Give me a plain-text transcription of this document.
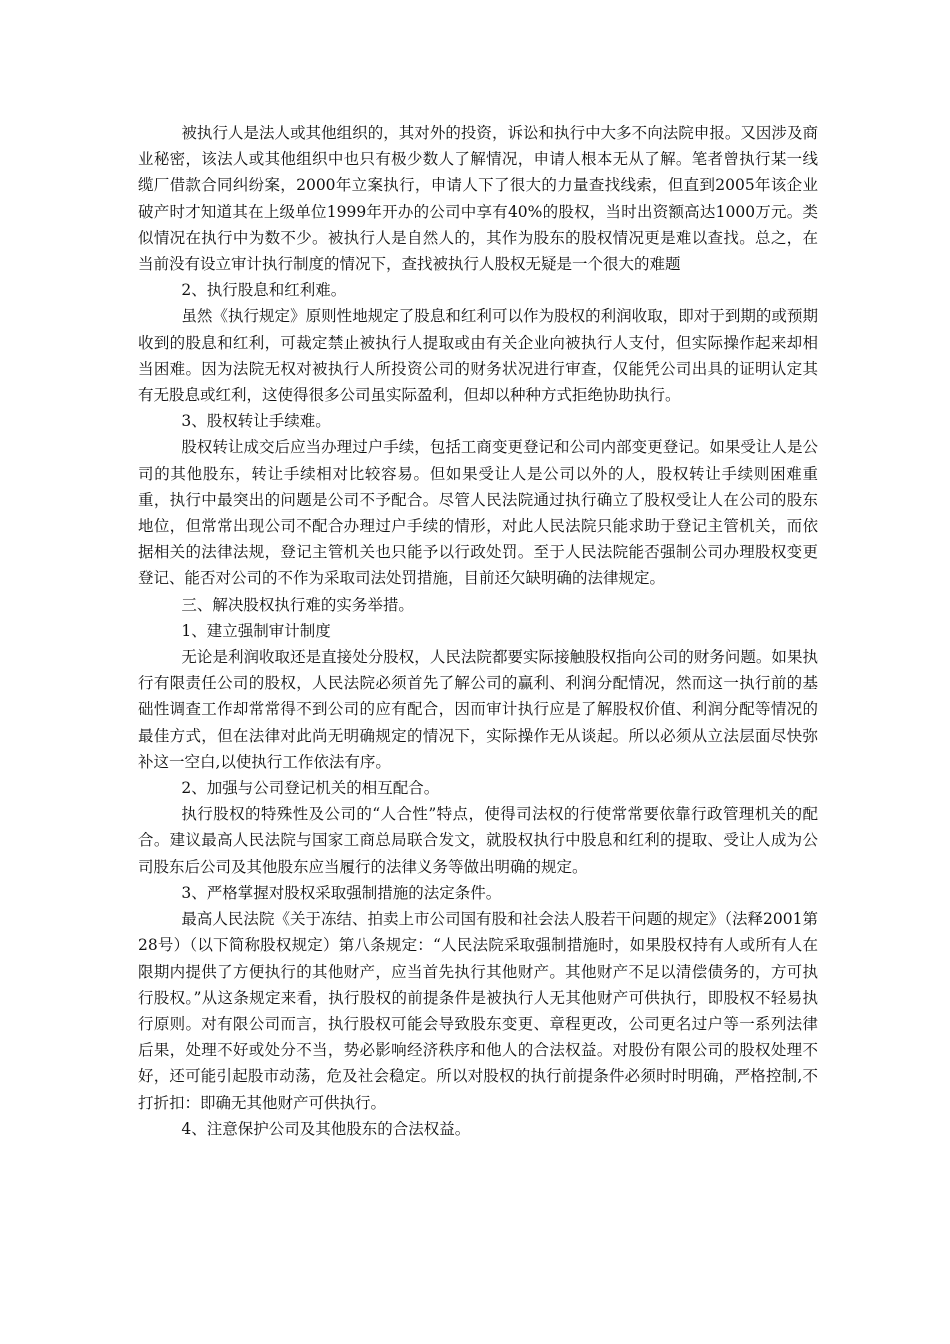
被执行人是法人或其他组织的，其对外的投资，诉讼和执行中大多不向法院申报。又因涉及商业秘密，该法人或其他组织中也只有极少数人了解情况，申请人根本无从了解。笔者曾执行某一线缆厂借款合同纠纷案，2000年立案执行，申请人下了很大的力量查找线索，但直到2005年该企业破产时才知道其在上级单位1999年开办的公司中享有40%的股权，当时出资额高达1000万元。类似情况在执行中为数不少。被执行人是自然人的，其作为股东的股权情况更是难以查找。总之，在当前没有设立审计执行制度的情况下，查找被执行人股权无疑是一个很大的难题

2、执行股息和红利难。

虽然《执行规定》原则性地规定了股息和红利可以作为股权的利润收取，即对于到期的或预期收到的股息和红利，可裁定禁止被执行人提取或由有关企业向被执行人支付，但实际操作起来却相当困难。因为法院无权对被执行人所投资公司的财务状况进行审查，仅能凭公司出具的证明认定其有无股息或红利，这使得很多公司虽实际盈利，但却以种种方式拒绝协助执行。

3、股权转让手续难。

股权转让成交后应当办理过户手续，包括工商变更登记和公司内部变更登记。如果受让人是公司的其他股东，转让手续相对比较容易。但如果受让人是公司以外的人，股权转让手续则困难重重，执行中最突出的问题是公司不予配合。尽管人民法院通过执行确立了股权受让人在公司的股东地位，但常常出现公司不配合办理过户手续的情形，对此人民法院只能求助于登记主管机关，而依据相关的法律法规，登记主管机关也只能予以行政处罚。至于人民法院能否强制公司办理股权变更登记、能否对公司的不作为采取司法处罚措施，目前还欠缺明确的法律规定。

三、解决股权执行难的实务举措。

1、建立强制审计制度

无论是利润收取还是直接处分股权，人民法院都要实际接触股权指向公司的财务问题。如果执行有限责任公司的股权，人民法院必须首先了解公司的赢利、利润分配情况，然而这一执行前的基础性调查工作却常常得不到公司的应有配合，因而审计执行应是了解股权价值、利润分配等情况的最佳方式，但在法律对此尚无明确规定的情况下，实际操作无从谈起。所以必须从立法层面尽快弥补这一空白,以使执行工作依法有序。

2、加强与公司登记机关的相互配合。

执行股权的特殊性及公司的“人合性”特点，使得司法权的行使常常要依靠行政管理机关的配合。建议最高人民法院与国家工商总局联合发文，就股权执行中股息和红利的提取、受让人成为公司股东后公司及其他股东应当履行的法律义务等做出明确的规定。

3、严格掌握对股权采取强制措施的法定条件。

最高人民法院《关于冻结、拍卖上市公司国有股和社会法人股若干问题的规定》（法释2001第28号）（以下简称股权规定）第八条规定：“人民法院采取强制措施时，如果股权持有人或所有人在限期内提供了方便执行的其他财产，应当首先执行其他财产。其他财产不足以清偿债务的，方可执行股权。”从这条规定来看，执行股权的前提条件是被执行人无其他财产可供执行，即股权不轻易执行原则。对有限公司而言，执行股权可能会导致股东变更、章程更改，公司更名过户等一系列法律后果，处理不好或处分不当，势必影响经济秩序和他人的合法权益。对股份有限公司的股权处理不好，还可能引起股市动荡，危及社会稳定。所以对股权的执行前提条件必须时时明确，严格控制,不打折扣：即确无其他财产可供执行。

4、注意保护公司及其他股东的合法权益。
